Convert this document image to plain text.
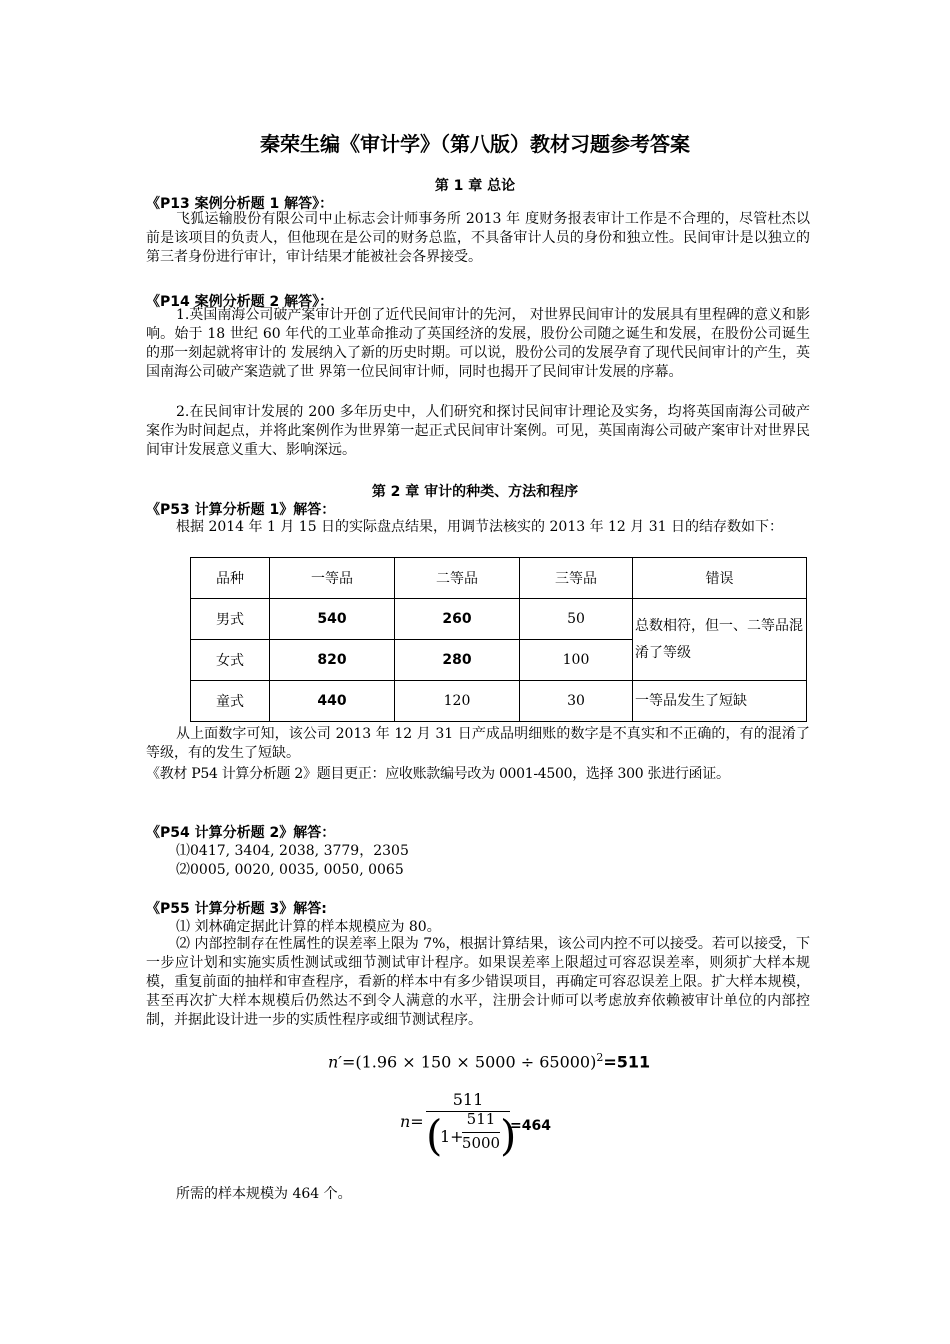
秦荣生编《审计学》（第八版）教材习题参考答案
第 1 章 总论
《P13 案例分析题 1 解答》：

飞狐运输股份有限公司中止标志会计师事务所 2013 年 度财务报表审计工作是不合理的，尽管杜杰以前是该项目的负责人，但他现在是公司的财务总监，不具备审计人员的身份和独立性。民间审计是以独立的第三者身份进行审计，审计结果才能被社会各界接受。

《P14 案例分析题 2 解答》：

1.英国南海公司破产案审计开创了近代民间审计的先河， 对世界民间审计的发展具有里程碑的意义和影响。始于 18 世纪 60 年代的工业革命推动了英国经济的发展，股份公司随之诞生和发展，在股份公司诞生的那一刻起就将审计的 发展纳入了新的历史时期。可以说，股份公司的发展孕育了现代民间审计的产生，英国南海公司破产案造就了世 界第一位民间审计师，同时也揭开了民间审计发展的序幕。

2.在民间审计发展的 200 多年历史中，人们研究和探讨民间审计理论及实务，均将英国南海公司破产案作为时间起点，并将此案例作为世界第一起正式民间审计案例。可见，英国南海公司破产案审计对世界民间审计发展意义重大、影响深远。

第 2 章 审计的种类、方法和程序
《P53 计算分析题 1》解答：

根据 2014 年 1 月 15 日的实际盘点结果，用调节法核实的 2013 年 12 月 31 日的结存数如下：

品种	一等品	二等品	三等品	错误
男式	540	260	50	总数相符，但一、二等品混淆了等级
女式	820	280	100	
童式	440	120	30	一等品发生了短缺

从上面数字可知，该公司 2013 年 12 月 31 日产成品明细账的数字是不真实和不正确的，有的混淆了等级，有的发生了短缺。

《教材 P54 计算分析题 2》题目更正：应收账款编号改为 0001-4500，选择 300 张进行函证。
《P54 计算分析题 2》解答：
⑴0417, 3404, 2038, 3779，2305
⑵0005, 0020, 0035, 0050, 0065
《P55 计算分析题 3》解答:
⑴ 刘林确定据此计算的样本规模应为 80。

⑵ 内部控制存在性属性的误差率上限为 7%，根据计算结果，该公司内控不可以接受。若可以接受，下一步应计划和实施实质性测试或细节测试审计程序。如果误差率上限超过可容忍误差率，则须扩大样本规模，重复前面的抽样和审查程序，看新的样本中有多少错误项目，再确定可容忍误差上限。扩大样本规模，甚至再次扩大样本规模后仍然达不到令人满意的水平，注册会计师可以考虑放弃依赖被审计单位的内部控制，并据此设计进一步的实质性程序或细节测试程序。

$n'=(1.96 \times 150 \times 5000 \div 65000)^2=511$
n=
511
(
1+
511
5000 )
=464
所需的样本规模为 464 个。
